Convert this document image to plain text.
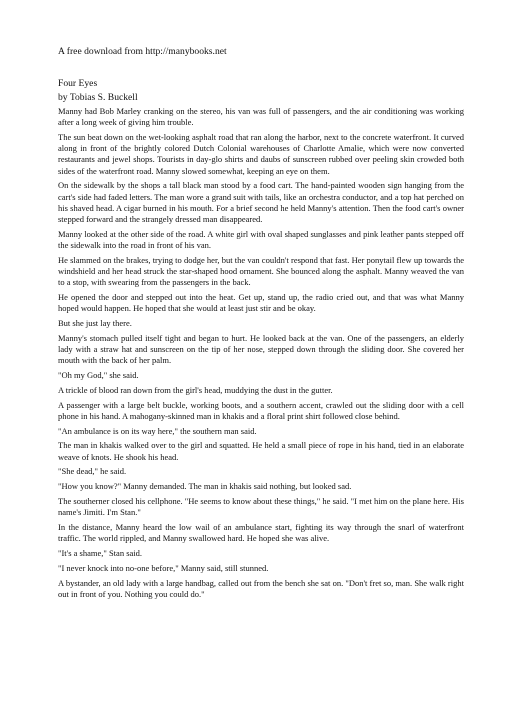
A free download from http://manybooks.net
Four Eyes
by Tobias S. Buckell

Manny had Bob Marley cranking on the stereo, his van was full of passengers, and the air conditioning was working after a long week of giving him trouble.

The sun beat down on the wet-looking asphalt road that ran along the harbor, next to the concrete waterfront. It curved along in front of the brightly colored Dutch Colonial warehouses of Charlotte Amalie, which were now converted restaurants and jewel shops. Tourists in day-glo shirts and daubs of sunscreen rubbed over peeling skin crowded both sides of the waterfront road. Manny slowed somewhat, keeping an eye on them.

On the sidewalk by the shops a tall black man stood by a food cart. The hand-painted wooden sign hanging from the cart's side had faded letters. The man wore a grand suit with tails, like an orchestra conductor, and a top hat perched on his shaved head. A cigar burned in his mouth. For a brief second he held Manny's attention. Then the food cart's owner stepped forward and the strangely dressed man disappeared.

Manny looked at the other side of the road. A white girl with oval shaped sunglasses and pink leather pants stepped off the sidewalk into the road in front of his van.

He slammed on the brakes, trying to dodge her, but the van couldn't respond that fast. Her ponytail flew up towards the windshield and her head struck the star-shaped hood ornament. She bounced along the asphalt. Manny weaved the van to a stop, with swearing from the passengers in the back.

He opened the door and stepped out into the heat. Get up, stand up, the radio cried out, and that was what Manny hoped would happen. He hoped that she would at least just stir and be okay.

But she just lay there.

Manny's stomach pulled itself tight and began to hurt. He looked back at the van. One of the passengers, an elderly lady with a straw hat and sunscreen on the tip of her nose, stepped down through the sliding door. She covered her mouth with the back of her palm.

"Oh my God," she said.

A trickle of blood ran down from the girl's head, muddying the dust in the gutter.

A passenger with a large belt buckle, working boots, and a southern accent, crawled out the sliding door with a cell phone in his hand. A mahogany-skinned man in khakis and a floral print shirt followed close behind.

"An ambulance is on its way here," the southern man said.

The man in khakis walked over to the girl and squatted. He held a small piece of rope in his hand, tied in an elaborate weave of knots. He shook his head.

"She dead," he said.

"How you know?" Manny demanded. The man in khakis said nothing, but looked sad.

The southerner closed his cellphone. "He seems to know about these things," he said. "I met him on the plane here. His name's Jimiti. I'm Stan."

In the distance, Manny heard the low wail of an ambulance start, fighting its way through the snarl of waterfront traffic. The world rippled, and Manny swallowed hard. He hoped she was alive.

"It's a shame," Stan said.

"I never knock into no-one before," Manny said, still stunned.

A bystander, an old lady with a large handbag, called out from the bench she sat on. "Don't fret so, man. She walk right out in front of you. Nothing you could do."
